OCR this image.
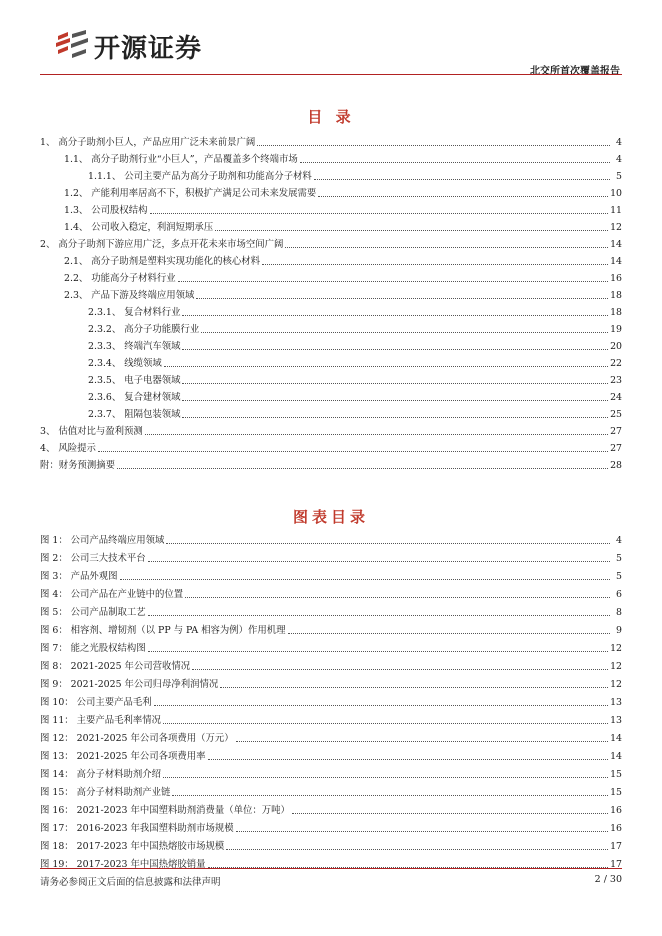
开源证券
北交所首次覆盖报告
目 录
1、 高分子助剂小巨人，产品应用广泛未来前景广阔	4
1.1、 高分子助剂行业“小巨人”，产品覆盖多个终端市场	4
1.1.1、 公司主要产品为高分子助剂和功能高分子材料	5
1.2、 产能利用率居高不下，积极扩产满足公司未来发展需要	10
1.3、 公司股权结构	11
1.4、 公司收入稳定，利润短期承压	12
2、 高分子助剂下游应用广泛，多点开花未来市场空间广阔	14
2.1、 高分子助剂是塑料实现功能化的核心材料	14
2.2、 功能高分子材料行业	16
2.3、 产品下游及终端应用领域	18
2.3.1、 复合材料行业	18
2.3.2、 高分子功能膜行业	19
2.3.3、 终端汽车领域	20
2.3.4、 线缆领域	22
2.3.5、 电子电器领域	23
2.3.6、 复合建材领域	24
2.3.7、 阻隔包装领域	25
3、 估值对比与盈利预测	27
4、 风险提示	27
附：财务预测摘要	28
图表目录
图 1： 公司产品终端应用领域	4
图 2： 公司三大技术平台	5
图 3： 产品外观图	5
图 4： 公司产品在产业链中的位置	6
图 5： 公司产品制取工艺	8
图 6： 相容剂、增韧剂（以 PP 与 PA 相容为例）作用机理	9
图 7： 能之光股权结构图	12
图 8： 2021-2025 年公司营收情况	12
图 9： 2021-2025 年公司归母净利润情况	12
图 10： 公司主要产品毛利	13
图 11： 主要产品毛利率情况	13
图 12： 2021-2025 年公司各项费用（万元）	14
图 13： 2021-2025 年公司各项费用率	14
图 14： 高分子材料助剂介绍	15
图 15： 高分子材料助剂产业链	15
图 16： 2021-2023 年中国塑料助剂消费量（单位：万吨）	16
图 17： 2016-2023 年我国塑料助剂市场规模	16
图 18： 2017-2023 年中国热熔胶市场规模	17
图 19： 2017-2023 年中国热熔胶销量	17
请务必参阅正文后面的信息披露和法律声明	2 / 30
